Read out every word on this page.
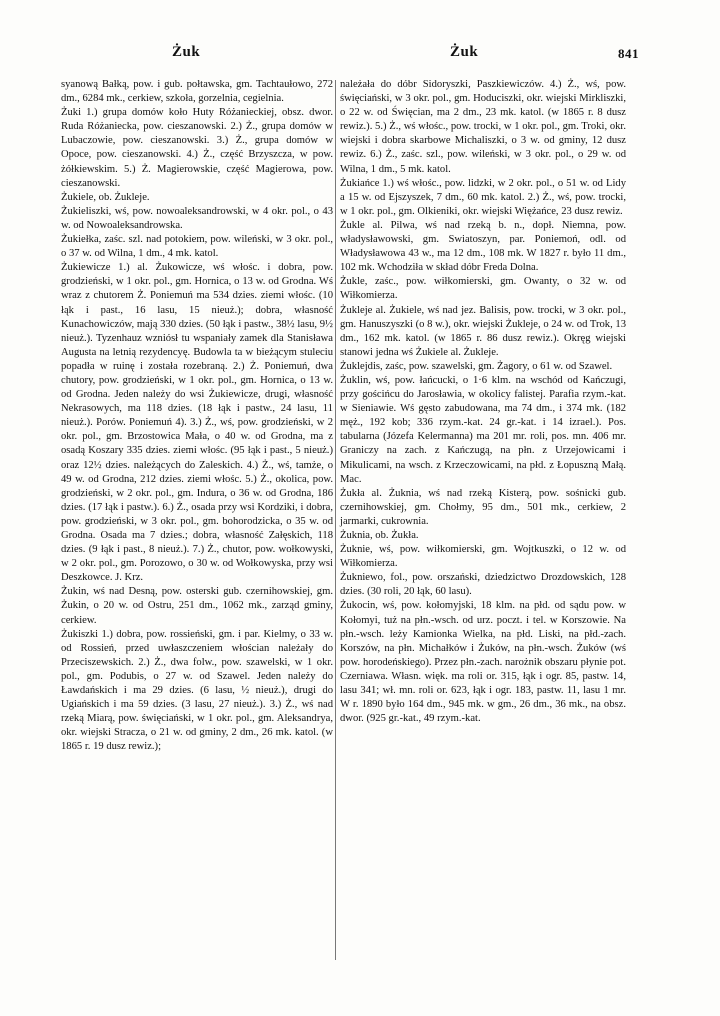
Żuk	Żuk	841

syanową Bałką, pow. i gub. połtawska, gm. Tachtaułowo, 272 dm., 6284 mk., cerkiew, szkoła, gorzelnia, cegielnia.

Żuki 1.) grupa domów koło Huty Różanieckiej, obsz. dwor. Ruda Różaniecka, pow. cieszanowski. 2.) Ż., grupa domów w Lubaczowie, pow. cieszanowski. 3.) Ż., grupa domów w Opoce, pow. cieszanowski. 4.) Ż., część Brzyszcza, w pow. żółkiewskim. 5.) Ż. Magierowskie, część Magierowa, pow. cieszanowski.

Żukiele, ob. Żukleje.

Żukieliszki, wś, pow. nowoaleksandrowski, w 4 okr. pol., o 43 w. od Nowoaleksandrowska.

Żukiełka, zaśc. szl. nad potokiem, pow. wileński, w 3 okr. pol., o 37 w. od Wilna, 1 dm., 4 mk. katol.

Żukiewicze 1.) al. Żukowicze, wś włośc. i dobra, pow. grodzieński, w 1 okr. pol., gm. Hornica, o 13 w. od Grodna. Wś wraz z chutorem Ż. Poniemuń ma 534 dzies. ziemi włośc. (10 łąk i past., 16 lasu, 15 nieuż.); dobra, własność Kunachowiczów, mają 330 dzies. (50 łąk i pastw., 38½ lasu, 9½ nieuż.). Tyzenhauz wzniósł tu wspaniały zamek dla Stanisława Augusta na letnią rezydencyę. Budowla ta w bieżącym stuleciu popadła w ruinę i została rozebraną. 2.) Ż. Poniemuń, dwa chutory, pow. grodzieński, w 1 okr. pol., gm. Hornica, o 13 w. od Grodna. Jeden należy do wsi Żukiewicze, drugi, własność Nekrasowych, ma 118 dzies. (18 łąk i pastw., 24 lasu, 11 nieuż.). Porów. Poniemuń 4). 3.) Ż., wś, pow. grodzieński, w 2 okr. pol., gm. Brzostowica Mała, o 40 w. od Grodna, ma z osadą Koszary 335 dzies. ziemi włośc. (95 łąk i past., 5 nieuż.) oraz 12½ dzies. należących do Zaleskich. 4.) Ż., wś, tamże, o 49 w. od Grodna, 212 dzies. ziemi włośc. 5.) Ż., okolica, pow. grodzieński, w 2 okr. pol., gm. Indura, o 36 w. od Grodna, 186 dzies. (17 łąk i pastw.). 6.) Ż., osada przy wsi Kordziki, i dobra, pow. grodzieński, w 3 okr. pol., gm. bohorodzicka, o 35 w. od Grodna. Osada ma 7 dzies.; dobra, własność Załęskich, 118 dzies. (9 łąk i past., 8 nieuż.). 7.) Ż., chutor, pow. wołkowyski, w 2 okr. pol., gm. Porozowo, o 30 w. od Wołkowyska, przy wsi Deszkowce. J. Krz.

Żukin, wś nad Desną, pow. osterski gub. czernihowskiej, gm. Żukin, o 20 w. od Ostru, 251 dm., 1062 mk., zarząd gminy, cerkiew.

Żukiszki 1.) dobra, pow. rossieński, gm. i par. Kielmy, o 33 w. od Rossień, przed uwłaszczeniem włościan należały do Przeciszewskich. 2.) Ż., dwa folw., pow. szawelski, w 1 okr. pol., gm. Podubis, o 27 w. od Szawel. Jeden należy do Ławdańskich i ma 29 dzies. (6 lasu, ½ nieuż.), drugi do Ugiańskich i ma 59 dzies. (3 lasu, 27 nieuż.). 3.) Ż., wś nad rzeką Miarą, pow. święciański, w 1 okr. pol., gm. Aleksandrya, okr. wiejski Stracza, o 21 w. od gminy, 2 dm., 26 mk. katol. (w 1865 r. 19 dusz rewiz.);

należała do dóbr Sidoryszki, Paszkiewiczów. 4.) Ż., wś, pow. święciański, w 3 okr. pol., gm. Hoduciszki, okr. wiejski Mirkliszki, o 22 w. od Święcian, ma 2 dm., 23 mk. katol. (w 1865 r. 8 dusz rewiz.). 5.) Ż., wś włośc., pow. trocki, w 1 okr. pol., gm. Troki, okr. wiejski i dobra skarbowe Michaliszki, o 3 w. od gminy, 12 dusz rewiz. 6.) Ż., zaśc. szl., pow. wileński, w 3 okr. pol., o 29 w. od Wilna, 1 dm., 5 mk. katol.

Żukiańce 1.) wś włośc., pow. lidzki, w 2 okr. pol., o 51 w. od Lidy a 15 w. od Ejszyszek, 7 dm., 60 mk. katol. 2.) Ż., wś, pow. trocki, w 1 okr. pol., gm. Olkieniki, okr. wiejski Więżańce, 23 dusz rewiz.

Żukle al. Pilwa, wś nad rzeką b. n., dopł. Niemna, pow. władysławowski, gm. Swiatoszyn, par. Poniemoń, odl. od Władysławowa 43 w., ma 12 dm., 108 mk. W 1827 r. było 11 dm., 102 mk. Wchodziła w skład dóbr Freda Dolna.

Żukle, zaśc., pow. wiłkomierski, gm. Owanty, o 32 w. od Wiłkomierza.

Żukleje al. Żukiele, wś nad jez. Balisis, pow. trocki, w 3 okr. pol., gm. Hanuszyszki (o 8 w.), okr. wiejski Żukleje, o 24 w. od Trok, 13 dm., 162 mk. katol. (w 1865 r. 86 dusz rewiz.). Okręg wiejski stanowi jedna wś Żukiele al. Żukleje.

Żuklejdis, zaśc, pow. szawelski, gm. Żagory, o 61 w. od Szawel.

Żuklin, wś, pow. łańcucki, o 1·6 klm. na wschód od Kańczugi, przy gościńcu do Jarosławia, w okolicy falistej. Parafia rzym.-kat. w Sieniawie. Wś gęsto zabudowana, ma 74 dm., i 374 mk. (182 męż., 192 kob; 336 rzym.-kat. 24 gr.-kat. i 14 izrael.). Pos. tabularna (Józefa Kelermanna) ma 201 mr. roli, pos. mn. 406 mr. Graniczy na zach. z Kańczugą, na płn. z Urzejowicami i Mikulicami, na wsch. z Krzeczowicami, na płd. z Łopuszną Małą. Mac.

Żukła al. Żuknia, wś nad rzeką Kisterą, pow. sośnicki gub. czernihowskiej, gm. Chołmy, 95 dm., 501 mk., cerkiew, 2 jarmarki, cukrownia.

Żuknia, ob. Żukła.

Żuknie, wś, pow. wiłkomierski, gm. Wojtkuszki, o 12 w. od Wiłkomierza.

Żukniewo, fol., pow. orszański, dziedzictwo Drozdowskich, 128 dzies. (30 roli, 20 łąk, 60 lasu).

Żukocin, wś, pow. kołomyjski, 18 klm. na płd. od sądu pow. w Kołomyi, tuż na płn.-wsch. od urz. poczt. i tel. w Korszowie. Na płn.-wsch. leży Kamionka Wielka, na płd. Liski, na płd.-zach. Korszów, na płn. Michałków i Żuków, na płn.-wsch. Żuków (wś pow. horodeńskiego). Przez płn.-zach. narożnik obszaru płynie pot. Czerniawa. Własn. więk. ma roli or. 315, łąk i ogr. 85, pastw. 14, lasu 341; wł. mn. roli or. 623, łąk i ogr. 183, pastw. 11, lasu 1 mr. W r. 1890 było 164 dm., 945 mk. w gm., 26 dm., 36 mk., na obsz. dwor. (925 gr.-kat., 49 rzym.-kat.
